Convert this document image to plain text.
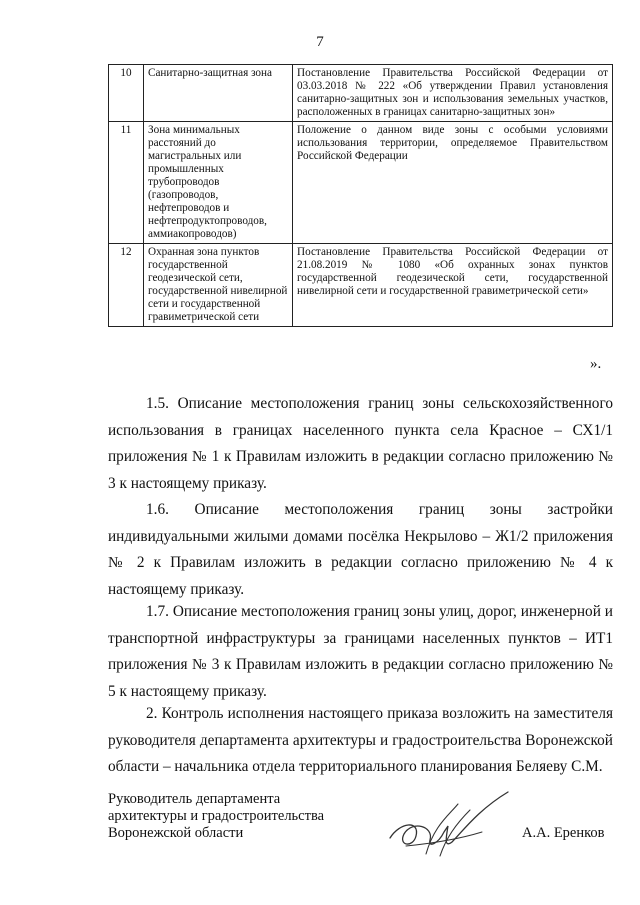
7
10	Санитарно-защитная зона	Постановление Правительства Российской Федерации от 03.03.2018 № 222 «Об утверждении Правил установления санитарно-защитных зон и использования земельных участков, расположенных в границах санитарно-защитных зон»
11	Зона минимальных расстояний до магистральных или промышленных трубопроводов (газопроводов, нефтепроводов и нефтепродуктопроводов, аммиакопроводов)	Положение о данном виде зоны с особыми условиями использования территории, определяемое Правительством Российской Федерации
12	Охранная зона пунктов государственной геодезической сети, государственной нивелирной сети и государственной гравиметрической сети	Постановление Правительства Российской Федерации от 21.08.2019 № 1080 «Об охранных зонах пунктов государственной геодезической сети, государственной нивелирной сети и государственной гравиметрической сети»
».

1.5. Описание местоположения границ зоны сельскохозяйственного использования в границах населенного пункта села Красное – СХ1/1 приложения № 1 к Правилам изложить в редакции согласно приложению № 3 к настоящему приказу.

1.6. Описание местоположения границ зоны застройки индивидуальными жилыми домами посёлка Некрылово – Ж1/2 приложения № 2 к Правилам изложить в редакции согласно приложению № 4 к настоящему приказу.

1.7. Описание местоположения границ зоны улиц, дорог, инженерной и транспортной инфраструктуры за границами населенных пунктов – ИТ1 приложения № 3 к Правилам изложить в редакции согласно приложению № 5 к настоящему приказу.

2. Контроль исполнения настоящего приказа возложить на заместителя руководителя департамента архитектуры и градостроительства Воронежской области – начальника отдела территориального планирования Беляеву С.М.

Руководитель департамента
архитектуры и градостроительства
Воронежской области	А.А. Еренков
